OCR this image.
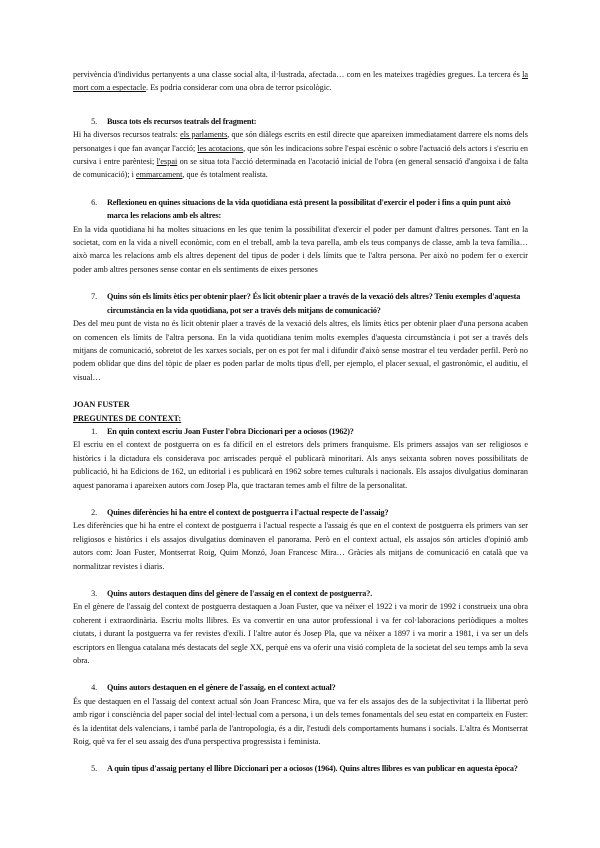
pervivència d'individus pertanyents a una classe social alta, il·lustrada, afectada… com en les mateixes tragèdies gregues. La tercera és la mort com a espectacle. Es podria considerar com una obra de terror psicològic.

5.	Busca tots els recursos teatrals del fragment:

Hi ha diversos recursos teatrals: els parlaments, que són diàlegs escrits en estil directe que apareixen immediatament darrere els noms dels personatges i que fan avançar l'acció; les acotacions, que són les indicacions sobre l'espai escènic o sobre l'actuació dels actors i s'escriu en cursiva i entre parèntesi; l'espai on se situa tota l'acció determinada en l'acotació inicial de l'obra (en general sensació d'angoixa i de falta de comunicació); i emmarcament, que és totalment realista.

6.	Reflexioneu en quines situacions de la vida quotidiana està present la possibilitat d'exercir el poder i fins a quin punt això marca les relacions amb els altres:

En la vida quotidiana hi ha moltes situacions en les que tenim la possibilitat d'exercir el poder per damunt d'altres persones. Tant en la societat, com en la vida a nivell econòmic, com en el treball, amb la teva parella, amb els teus companys de classe, amb la teva família… això marca les relacions amb els altres depenent del tipus de poder i dels límits que te l'altra persona. Per això no podem fer o exercir poder amb altres persones sense contar en els sentiments de eixes persones

7.	Quins són els límits ètics per obtenir plaer? És lícit obtenir plaer a través de la vexació dels altres? Teniu exemples d'aquesta circumstància en la vida quotidiana, pot ser a través dels mitjans de comunicació?

Des del meu punt de vista no és lícit obtenir plaer a través de la vexació dels altres, els límits ètics per obtenir plaer d'una persona acaben on comencen els límits de l'altra persona. En la vida quotidiana tenim molts exemples d'aquesta circumstància i pot ser a través dels mitjans de comunicació, sobretot de les xarxes socials, per on es pot fer mal i difundir d'això sense mostrar el teu verdader perfil. Però no podem oblidar que dins del tòpic de plaer es poden parlar de molts tipus d'ell, per ejemplo, el placer sexual, el gastronòmic, el auditiu, el visual…

JOAN FUSTER

PREGUNTES DE CONTEXT:

1.	En quin context escriu Joan Fuster l'obra Diccionari per a ociosos (1962)?

El escriu en el context de postguerra on es fa difícil en el estretors dels primers franquisme. Els primers assajos van ser religiosos e històrics i la dictadura els considerava poc arriscades perquè el publicarà minoritari. Als anys seixanta sobren noves possibilitats de publicació, hi ha Edicions de 162, un editorial i es publicarà en 1962 sobre temes culturals i nacionals. Els assajos divulgatius dominaran aquest panorama i apareixen autors com Josep Pla, que tractaran temes amb el filtre de la personalitat.

2.	Quines diferències hi ha entre el context de postguerra i l'actual respecte de l'assaig?

Les diferències que hi ha entre el context de postguerra i l'actual respecte a l'assaig és que en el context de postguerra els primers van ser religiosos e històrics i els assajos divulgatius dominaven el panorama. Però en el context actual, els assajos són articles d'opinió amb autors com: Joan Fuster, Montserrat Roig, Quim Monzó, Joan Francesc Mira… Gràcies als mitjans de comunicació en català que va normalitzar revistes i diaris.

3.	Quins autors destaquen dins del gènere de l'assaig en el context de postguerra?.

En el gènere de l'assaig del context de postguerra destaquen a Joan Fuster, que va néixer el 1922 i va morir de 1992 i construeix una obra coherent i extraordinària. Escriu molts llibres. Es va convertir en una autor professional i va fer col·laboracions periòdiques a moltes ciutats, i durant la postguerra va fer revistes d'exili. I l'altre autor és Josep Pla, que va néixer a 1897 i va morir a 1981, i va ser un dels escriptors en llengua catalana més destacats del segle XX, perquè ens va oferir una visió completa de la societat del seu temps amb la seva obra.

4.	Quins autors destaquen en el gènere de l'assaig, en el context actual?

És que destaquen en el l'assaig del context actual són Joan Francesc Mira, que va fer els assajos des de la subjectivitat i la llibertat però amb rigor i consciència del paper social del intel·lectual com a persona, i un dels temes fonamentals del seu estat en comparteix en Fuster: és la identitat dels valencians, i també parla de l'antropologia, és a dir, l'estudi dels comportaments humans i socials. L'altra és Montserrat Roig, què va fer el seu assaig des d'una perspectiva progressista i feminista.

5.	A quin tipus d'assaig pertany el llibre Diccionari per a ociosos (1964). Quins altres llibres es van publicar en aquesta època?
